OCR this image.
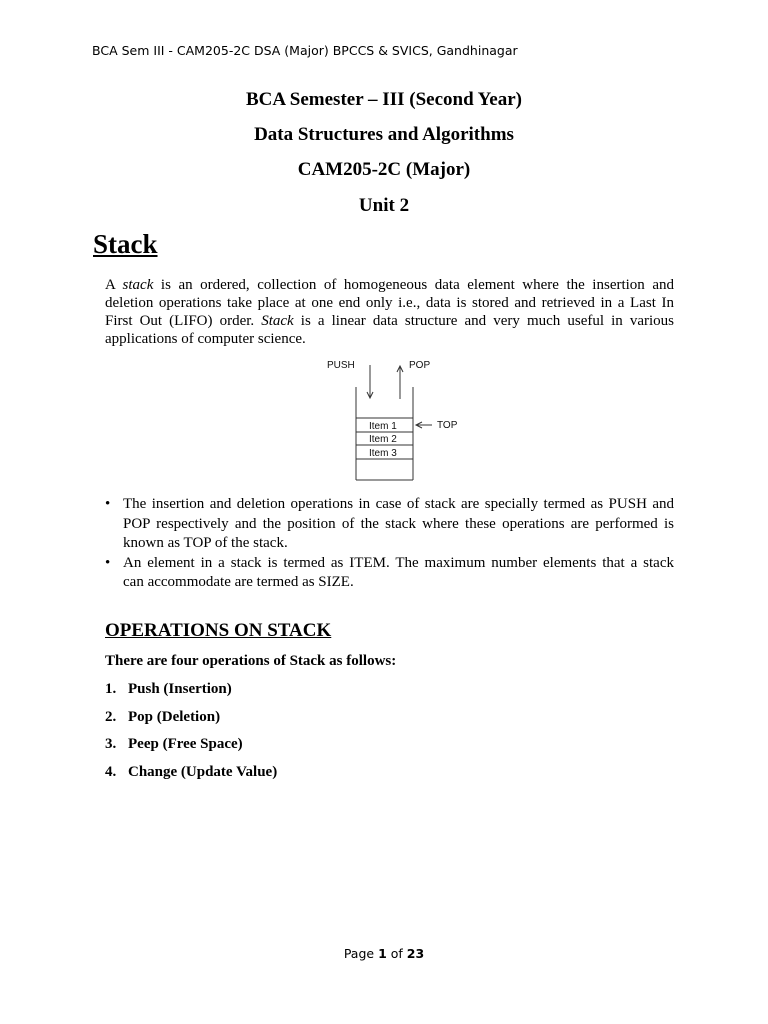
BCA Sem III - CAM205-2C DSA (Major) BPCCS & SVICS, Gandhinagar
BCA Semester – III (Second Year)
Data Structures and Algorithms
CAM205-2C (Major)
Unit 2
Stack
A stack is an ordered, collection of homogeneous data element where the insertion and
deletion operations take place at one end only i.e., data is stored and retrieved in a Last In
First Out (LIFO) order. Stack is a linear data structure and very much useful in various
applications of computer science.
PUSH	POP
Item 1
Item 2
Item 3
TOP
• The insertion and deletion operations in case of stack are specially termed as PUSH and
POP respectively and the position of the stack where these operations are performed is
known as TOP of the stack.
• An element in a stack is termed as ITEM. The maximum number elements that a stack
can accommodate are termed as SIZE.
OPERATIONS ON STACK
There are four operations of Stack as follows:
1. Push (Insertion)
2. Pop (Deletion)
3. Peep (Free Space)
4. Change (Update Value)
Page 1 of 23
